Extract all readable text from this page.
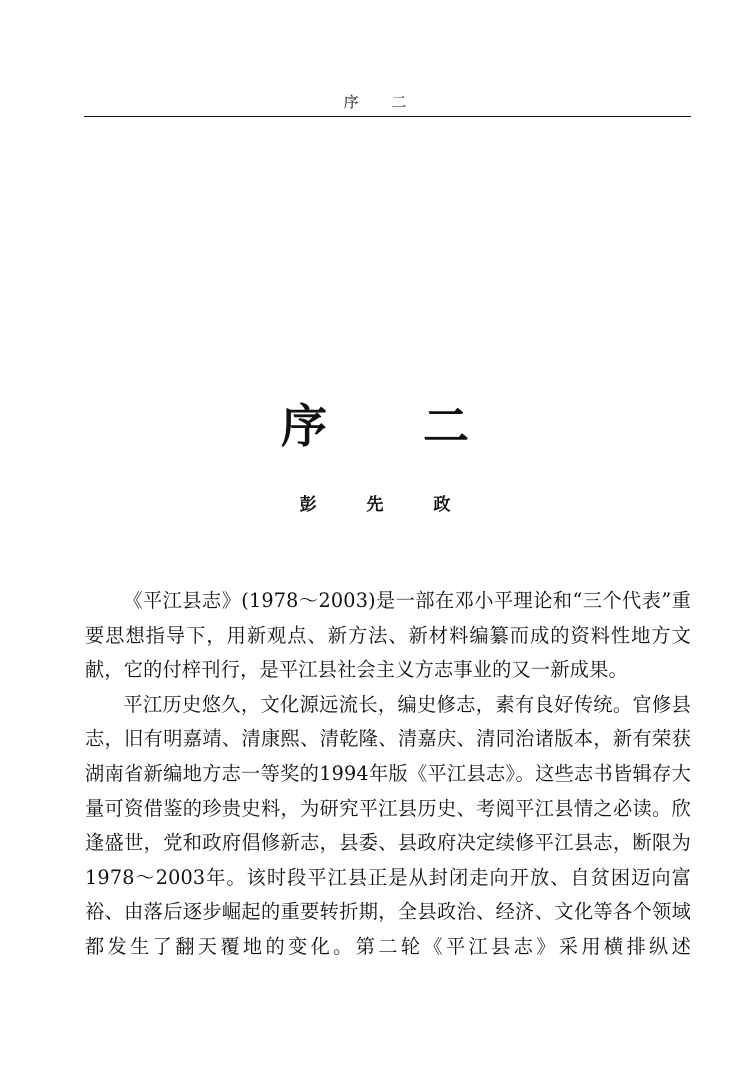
序 二
序 二
彭 先 政

《平江县志》(1978～2003)是一部在邓小平理论和“三个代表”重要思想指导下，用新观点、新方法、新材料编纂而成的资料性地方文献，它的付梓刊行，是平江县社会主义方志事业的又一新成果。

平江历史悠久，文化源远流长，编史修志，素有良好传统。官修县志，旧有明嘉靖、清康熙、清乾隆、清嘉庆、清同治诸版本，新有荣获湖南省新编地方志一等奖的1994年版《平江县志》。这些志书皆辑存大量可资借鉴的珍贵史料，为研究平江县历史、考阅平江县情之必读。欣逢盛世，党和政府倡修新志，县委、县政府决定续修平江县志，断限为1978～2003年。该时段平江县正是从封闭走向开放、自贫困迈向富裕、由落后逐步崛起的重要转折期，全县政治、经济、文化等各个领域都发生了翻天覆地的变化。第二轮《平江县志》采用横排纵述
